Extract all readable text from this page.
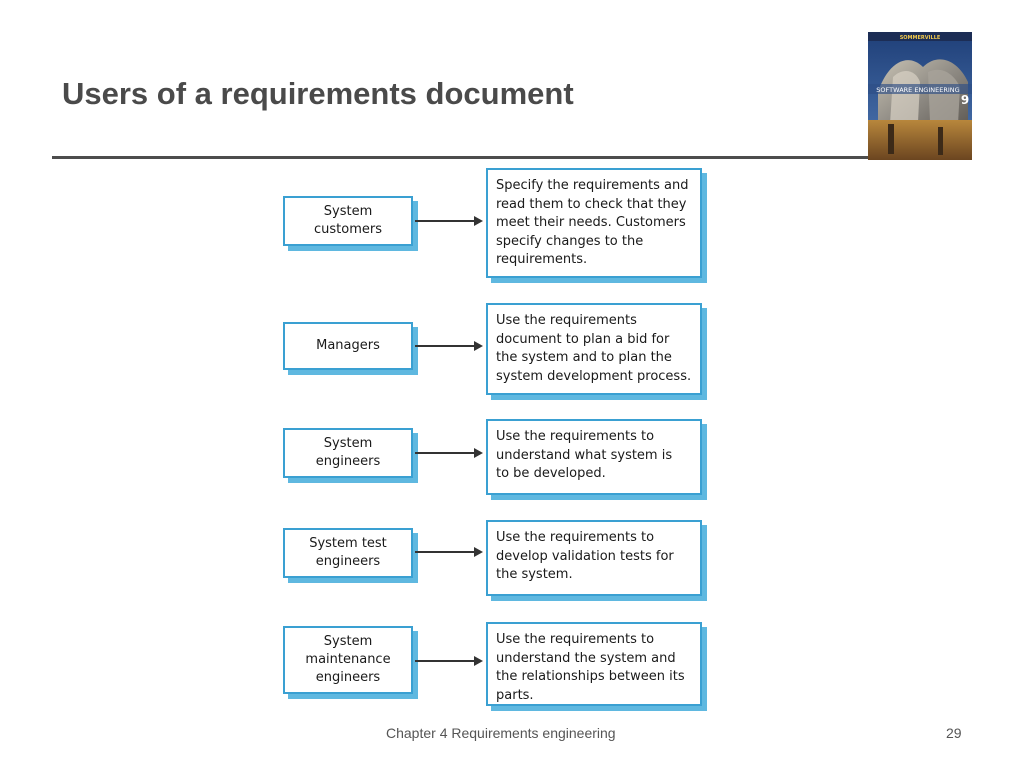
Users of a requirements document
SOMMERVILLE
SOFTWARE ENGINEERING
9
System
customers
Specify the requirements and
read them to check that they
meet their needs. Customers
specify changes to the
requirements.
Managers
Use the requirements
document to plan a bid for
the system and to plan the
system development process.
System
engineers
Use the requirements to
understand what system is
to be developed.
System test
engineers
Use the requirements to
develop validation tests for
the system.
System
maintenance
engineers
Use the requirements to
understand the system and
the relationships between its
parts.
Chapter 4 Requirements engineering	29
